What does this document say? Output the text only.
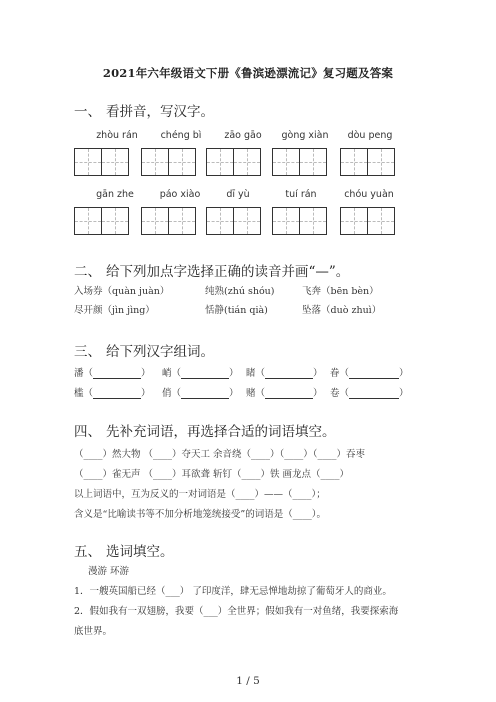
2021年六年级语文下册《鲁滨逊漂流记》复习题及答案
一、 看拼音，写汉字。
zhòu rán	chéng bì	zāo gāo	gòng xiàn	dòu peng
gān zhe	páo xiào	dī yù	tuí rán	chóu yuàn
二、 给下列加点字选择正确的读音并画“—”。
入场券（quàn juàn）	纯熟(zhú shóu)	飞奔（bēn bèn）
尽开颜（jìn jìng）	恬静(tián qià)	坠落（duò zhuì）
三、 给下列汉字组词。
潘（	） 峭（	） 睹（	） 眷（	）
槛（	） 俏（	） 赌（	） 卷（	）
四、 先补充词语，再选择合适的词语填空。
（____）然大物 （____）夺天工 余音绕（____）（____）（____）吞枣
（____）雀无声 （____）耳欲聋 斩钉（____）铁 画龙点（____）
以上词语中，互为反义的一对词语是（____）——（____）；
含义是“比喻读书等不加分析地笼统接受”的词语是（____）。
五、 选词填空。
漫游 环游
1．一艘英国船已经（___） 了印度洋，肆无忌惮地劫掠了葡萄牙人的商业。
2．假如我有一双翅膀，我要（___）全世界；假如我有一对鱼绪，我要探索海
底世界。
1 / 5
